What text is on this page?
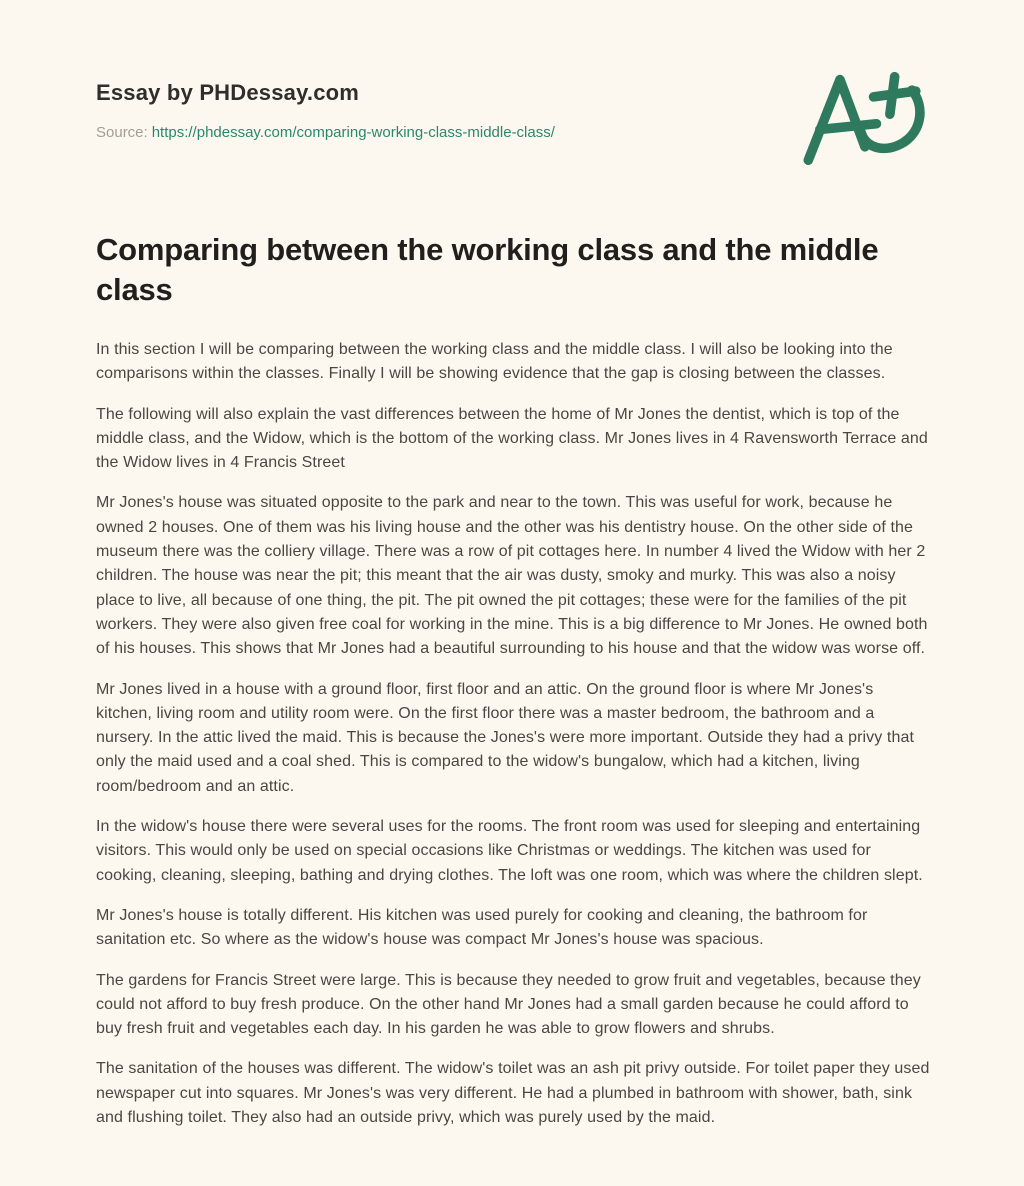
Essay by PHDessay.com
Source: https://phdessay.com/comparing-working-class-middle-class/
Comparing between the working class and the middle class

In this section I will be comparing between the working class and the middle class. I will also be looking into the comparisons within the classes. Finally I will be showing evidence that the gap is closing between the classes.

The following will also explain the vast differences between the home of Mr Jones the dentist, which is top of the middle class, and the Widow, which is the bottom of the working class. Mr Jones lives in 4 Ravensworth Terrace and the Widow lives in 4 Francis Street

Mr Jones's house was situated opposite to the park and near to the town. This was useful for work, because he owned 2 houses. One of them was his living house and the other was his dentistry house. On the other side of the museum there was the colliery village. There was a row of pit cottages here. In number 4 lived the Widow with her 2 children. The house was near the pit; this meant that the air was dusty, smoky and murky. This was also a noisy place to live, all because of one thing, the pit. The pit owned the pit cottages; these were for the families of the pit workers. They were also given free coal for working in the mine. This is a big difference to Mr Jones. He owned both of his houses. This shows that Mr Jones had a beautiful surrounding to his house and that the widow was worse off.

Mr Jones lived in a house with a ground floor, first floor and an attic. On the ground floor is where Mr Jones's kitchen, living room and utility room were. On the first floor there was a master bedroom, the bathroom and a nursery. In the attic lived the maid. This is because the Jones's were more important. Outside they had a privy that only the maid used and a coal shed. This is compared to the widow's bungalow, which had a kitchen, living room/bedroom and an attic.

In the widow's house there were several uses for the rooms. The front room was used for sleeping and entertaining visitors. This would only be used on special occasions like Christmas or weddings. The kitchen was used for cooking, cleaning, sleeping, bathing and drying clothes. The loft was one room, which was where the children slept.

Mr Jones's house is totally different. His kitchen was used purely for cooking and cleaning, the bathroom for sanitation etc. So where as the widow's house was compact Mr Jones's house was spacious.

The gardens for Francis Street were large. This is because they needed to grow fruit and vegetables, because they could not afford to buy fresh produce. On the other hand Mr Jones had a small garden because he could afford to buy fresh fruit and vegetables each day. In his garden he was able to grow flowers and shrubs.

The sanitation of the houses was different. The widow's toilet was an ash pit privy outside. For toilet paper they used newspaper cut into squares. Mr Jones's was very different. He had a plumbed in bathroom with shower, bath, sink and flushing toilet. They also had an outside privy, which was purely used by the maid.
